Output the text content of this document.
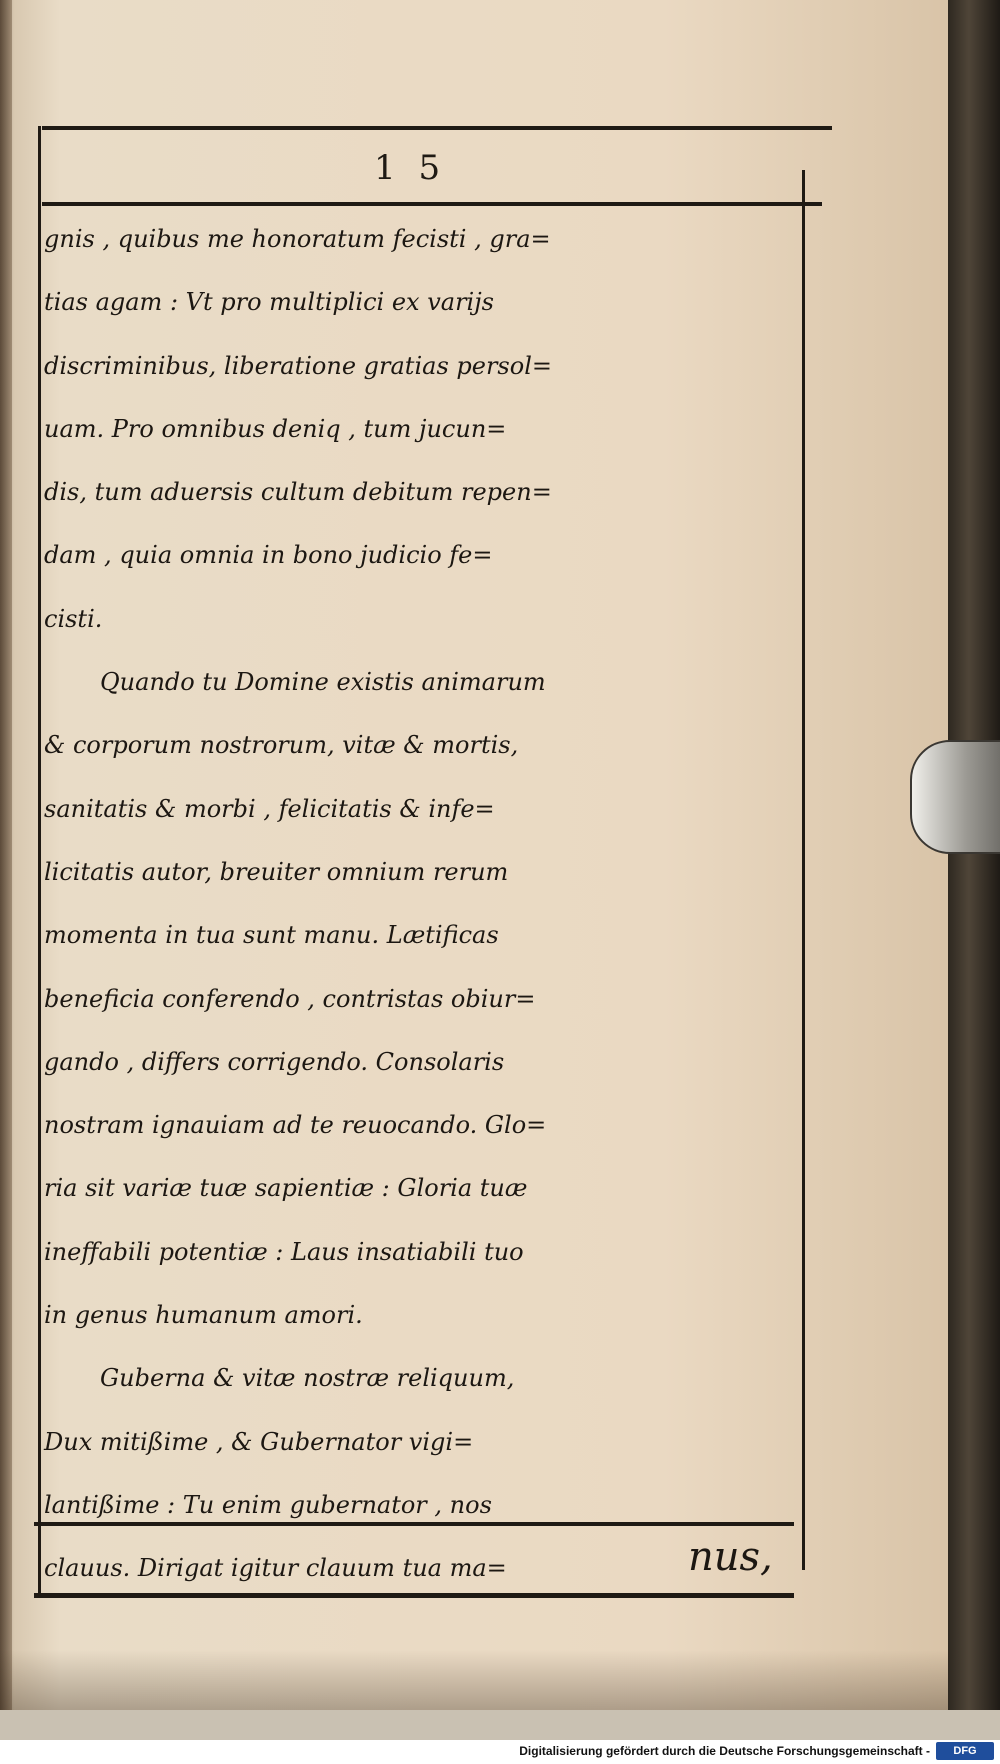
1 5
gnis , quibus me honoratum fecisti , gra=
tias agam : Vt pro multiplici ex varijs
discriminibus, liberatione gratias persol=
uam. Pro omnibus deniq , tum jucun=
dis, tum aduersis cultum debitum repen=
dam , quia omnia in bono judicio fe=
cisti.
Quando tu Domine existis animarum
& corporum nostrorum, vitæ & mortis,
sanitatis & morbi , felicitatis & infe=
licitatis autor, breuiter omnium rerum
momenta in tua sunt manu. Lætificas
beneficia conferendo , contristas obiur=
gando , differs corrigendo. Consolaris
nostram ignauiam ad te reuocando. Glo=
ria sit variæ tuæ sapientiæ : Gloria tuæ
ineffabili potentiæ : Laus insatiabili tuo
in genus humanum amori.
Guberna & vitæ nostræ reliquum,
Dux mitißime , & Gubernator vigi=
lantißime : Tu enim gubernator , nos
clauus. Dirigat igitur clauum tua ma=	nus,
Digitalisierung gefördert durch die Deutsche Forschungsgemeinschaft -	DFG
